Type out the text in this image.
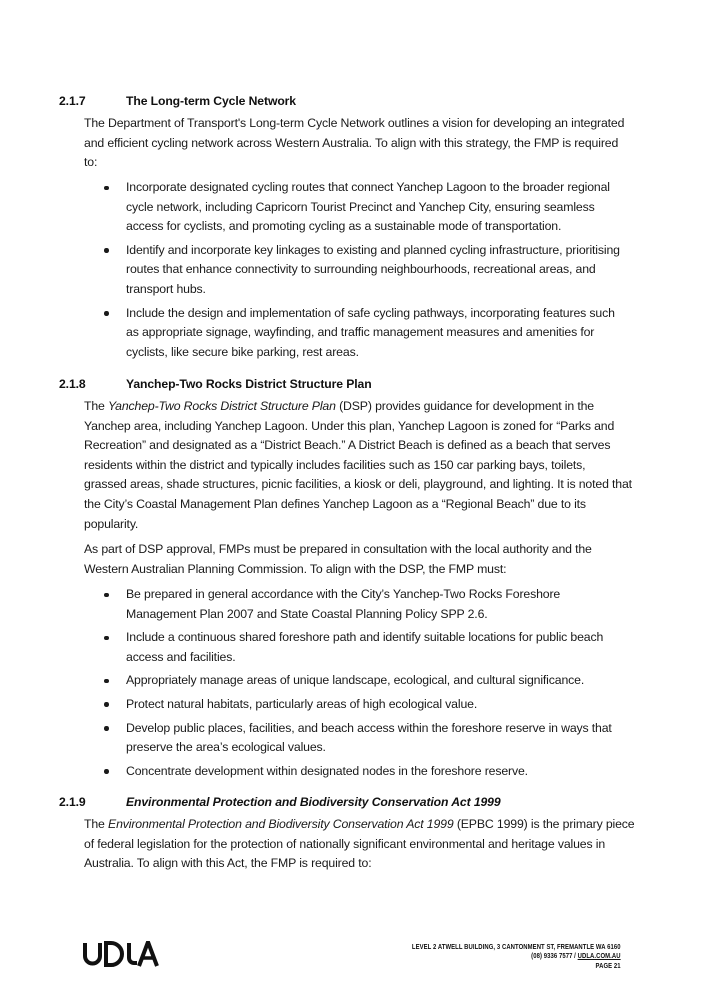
2.1.7	The Long-term Cycle Network
The Department of Transport's Long-term Cycle Network outlines a vision for developing an integrated
and efficient cycling network across Western Australia. To align with this strategy, the FMP is required
to:
Incorporate designated cycling routes that connect Yanchep Lagoon to the broader regional
cycle network, including Capricorn Tourist Precinct and Yanchep City, ensuring seamless
access for cyclists, and promoting cycling as a sustainable mode of transportation.
Identify and incorporate key linkages to existing and planned cycling infrastructure, prioritising
routes that enhance connectivity to surrounding neighbourhoods, recreational areas, and
transport hubs.
Include the design and implementation of safe cycling pathways, incorporating features such
as appropriate signage, wayfinding, and traffic management measures and amenities for
cyclists, like secure bike parking, rest areas.
2.1.8	Yanchep-Two Rocks District Structure Plan
The Yanchep-Two Rocks District Structure Plan (DSP) provides guidance for development in the
Yanchep area, including Yanchep Lagoon. Under this plan, Yanchep Lagoon is zoned for “Parks and
Recreation” and designated as a “District Beach.” A District Beach is defined as a beach that serves
residents within the district and typically includes facilities such as 150 car parking bays, toilets,
grassed areas, shade structures, picnic facilities, a kiosk or deli, playground, and lighting. It is noted that
the City’s Coastal Management Plan defines Yanchep Lagoon as a “Regional Beach” due to its
popularity.
As part of DSP approval, FMPs must be prepared in consultation with the local authority and the
Western Australian Planning Commission. To align with the DSP, the FMP must:
Be prepared in general accordance with the City’s Yanchep-Two Rocks Foreshore
Management Plan 2007 and State Coastal Planning Policy SPP 2.6.
Include a continuous shared foreshore path and identify suitable locations for public beach
access and facilities.
Appropriately manage areas of unique landscape, ecological, and cultural significance.
Protect natural habitats, particularly areas of high ecological value.
Develop public places, facilities, and beach access within the foreshore reserve in ways that
preserve the area’s ecological values.
Concentrate development within designated nodes in the foreshore reserve.
2.1.9	Environmental Protection and Biodiversity Conservation Act 1999
The Environmental Protection and Biodiversity Conservation Act 1999 (EPBC 1999) is the primary piece
of federal legislation for the protection of nationally significant environmental and heritage values in
Australia. To align with this Act, the FMP is required to:
LEVEL 2 ATWELL BUILDING, 3 CANTONMENT ST, FREMANTLE WA 6160
(08) 9336 7577 / UDLA.COM.AU
PAGE 21
